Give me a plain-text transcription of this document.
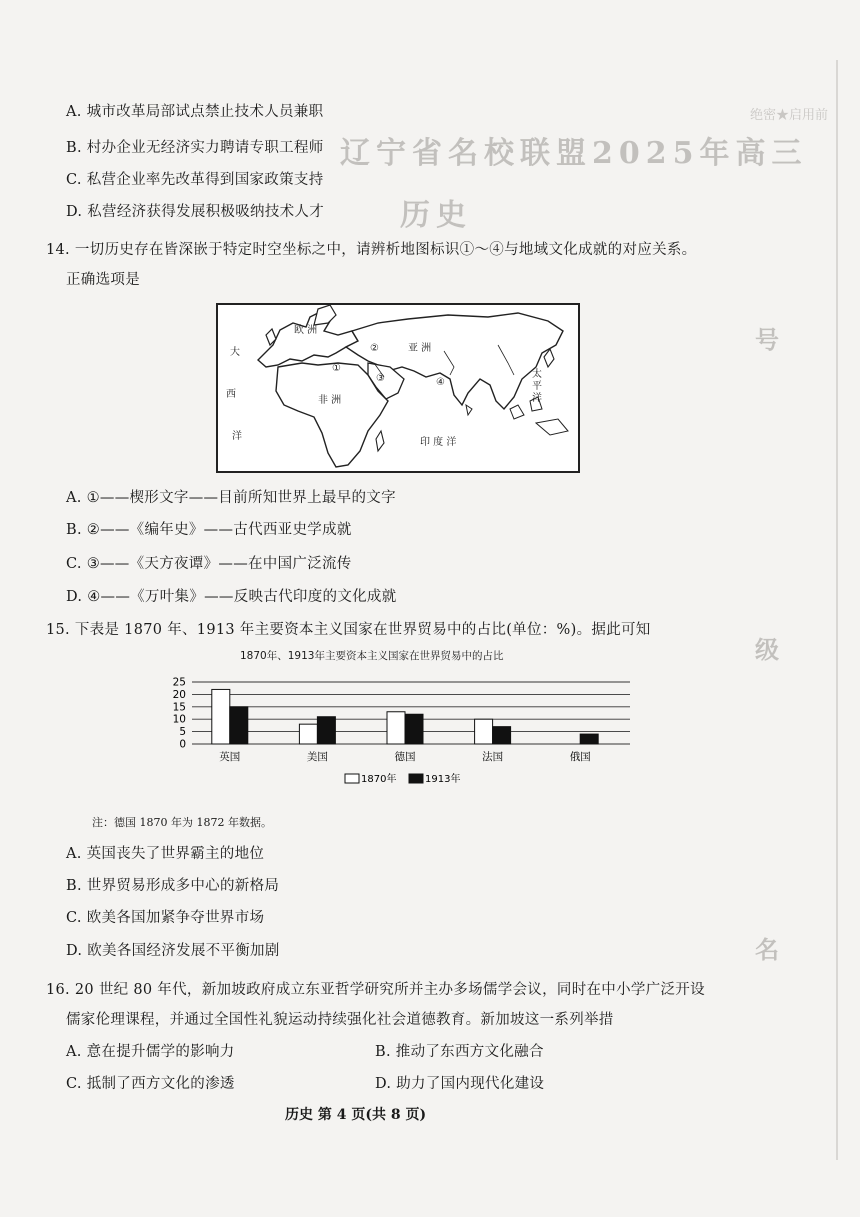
辽宁省名校联盟2025年高三
历史
绝密★启用前
号
级
名
A. 城市改革局部试点禁止技术人员兼职
B. 村办企业无经济实力聘请专职工程师
C. 私营企业率先改革得到国家政策支持
D. 私营经济获得发展积极吸纳技术人才
14. 一切历史存在皆深嵌于特定时空坐标之中，请辨析地图标识①～④与地域文化成就的对应关系。
正确选项是
欧 洲
亚 洲
非 洲
大
西
洋
太
平
洋
印 度 洋
①
②
③	④
A. ①——楔形文字——目前所知世界上最早的文字
B. ②——《编年史》——古代西亚史学成就
C. ③——《天方夜谭》——在中国广泛流传
D. ④——《万叶集》——反映古代印度的文化成就
15. 下表是 1870 年、1913 年主要资本主义国家在世界贸易中的占比(单位：%)。据此可知
1870年、1913年主要资本主义国家在世界贸易中的占比
0
5
10
15
20
25
英国	美国	德国	法国	俄国
1870年	1913年
注：德国 1870 年为 1872 年数据。
A. 英国丧失了世界霸主的地位
B. 世界贸易形成多中心的新格局
C. 欧美各国加紧争夺世界市场
D. 欧美各国经济发展不平衡加剧
16. 20 世纪 80 年代，新加坡政府成立东亚哲学研究所并主办多场儒学会议，同时在中小学广泛开设
儒家伦理课程，并通过全国性礼貌运动持续强化社会道德教育。新加坡这一系列举措
A. 意在提升儒学的影响力	B. 推动了东西方文化融合
C. 抵制了西方文化的渗透	D. 助力了国内现代化建设
历史 第 4 页(共 8 页)
